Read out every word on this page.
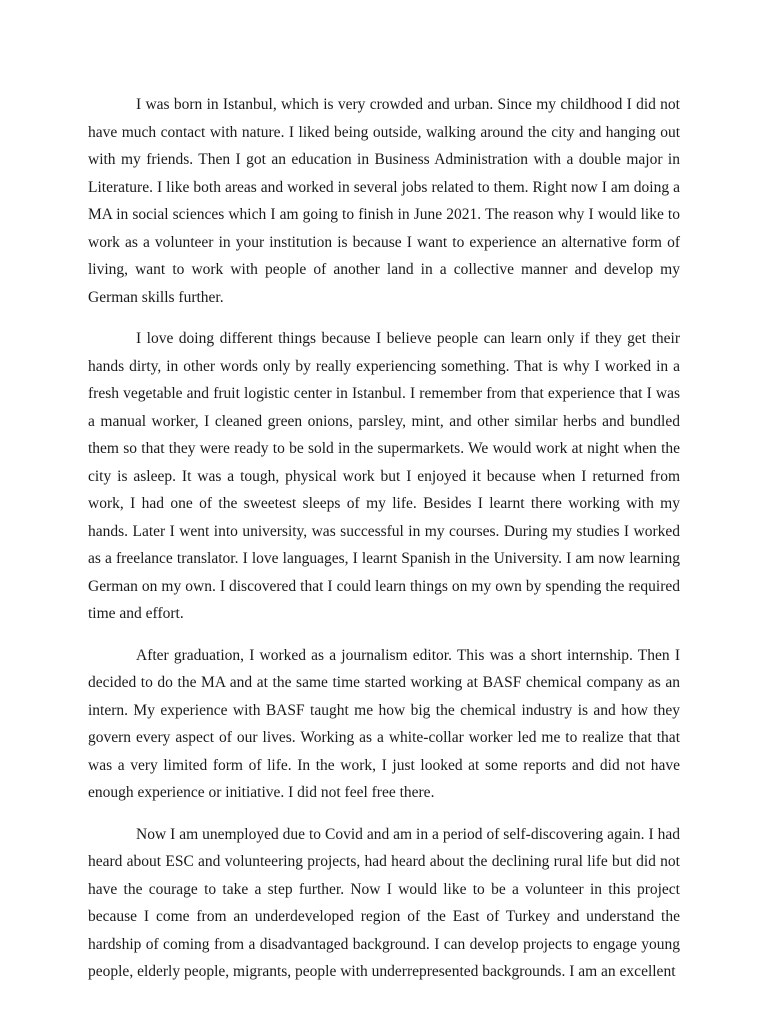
I was born in Istanbul, which is very crowded and urban. Since my childhood I did not have much contact with nature. I liked being outside, walking around the city and hanging out with my friends. Then I got an education in Business Administration with a double major in Literature. I like both areas and worked in several jobs related to them. Right now I am doing a MA in social sciences which I am going to finish in June 2021. The reason why I would like to work as a volunteer in your institution is because I want to experience an alternative form of living, want to work with people of another land in a collective manner and develop my German skills further.

I love doing different things because I believe people can learn only if they get their hands dirty, in other words only by really experiencing something. That is why I worked in a fresh vegetable and fruit logistic center in Istanbul. I remember from that experience that I was a manual worker, I cleaned green onions, parsley, mint, and other similar herbs and bundled them so that they were ready to be sold in the supermarkets. We would work at night when the city is asleep. It was a tough, physical work but I enjoyed it because when I returned from work, I had one of the sweetest sleeps of my life. Besides I learnt there working with my hands. Later I went into university, was successful in my courses. During my studies I worked as a freelance translator. I love languages, I learnt Spanish in the University. I am now learning German on my own. I discovered that I could learn things on my own by spending the required time and effort.

After graduation, I worked as a journalism editor. This was a short internship. Then I decided to do the MA and at the same time started working at BASF chemical company as an intern. My experience with BASF taught me how big the chemical industry is and how they govern every aspect of our lives. Working as a white-collar worker led me to realize that that was a very limited form of life. In the work, I just looked at some reports and did not have enough experience or initiative. I did not feel free there.

Now I am unemployed due to Covid and am in a period of self-discovering again. I had heard about ESC and volunteering projects, had heard about the declining rural life but did not have the courage to take a step further. Now I would like to be a volunteer in this project because I come from an underdeveloped region of the East of Turkey and understand the hardship of coming from a disadvantaged background. I can develop projects to engage young people, elderly people, migrants, people with underrepresented backgrounds. I am an excellent
